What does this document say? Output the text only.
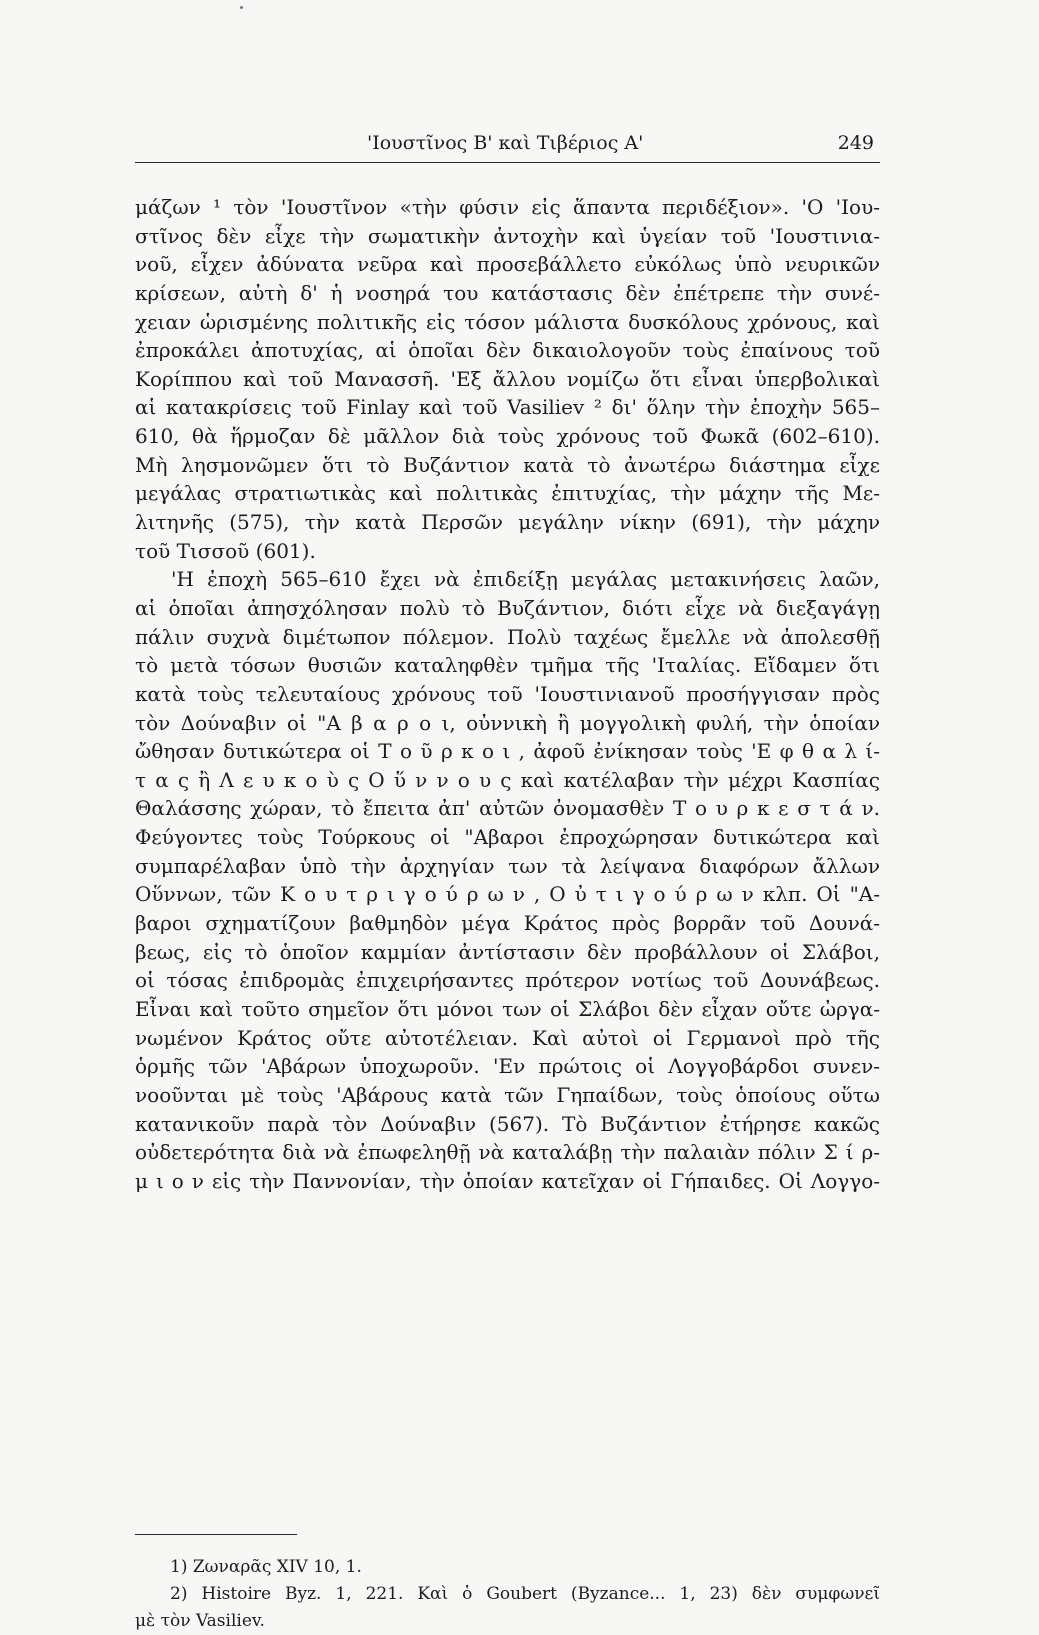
'Ιουστῖνος Β' καὶ Τιβέριος Α'	249
μάζων ¹ τὸν 'Ιουστῖνον «τὴν φύσιν εἰς ἅπαντα περιδέξιον». 'Ο 'Ιου-
στῖνος δὲν εἶχε τὴν σωματικὴν ἀντοχὴν καὶ ὑγείαν τοῦ 'Ιουστινια-
νοῦ, εἶχεν ἀδύνατα νεῦρα καὶ προσεβάλλετο εὐκόλως ὑπὸ νευρικῶν
κρίσεων, αὐτὴ δ' ἡ νοσηρά του κατάστασις δὲν ἐπέτρεπε τὴν συνέ-
χειαν ὡρισμένης πολιτικῆς εἰς τόσον μάλιστα δυσκόλους χρόνους, καὶ
ἐπροκάλει ἀποτυχίας, αἱ ὁποῖαι δὲν δικαιολογοῦν τοὺς ἐπαίνους τοῦ
Κορίππου καὶ τοῦ Μανασσῆ. 'Εξ ἄλλου νομίζω ὅτι εἶναι ὑπερβολικαὶ
αἱ κατακρίσεις τοῦ Finlay καὶ τοῦ Vasiliev ² δι' ὅλην τὴν ἐποχὴν 565–
610, θὰ ἥρμοζαν δὲ μᾶλλον διὰ τοὺς χρόνους τοῦ Φωκᾶ (602–610).
Μὴ λησμονῶμεν ὅτι τὸ Βυζάντιον κατὰ τὸ ἀνωτέρω διάστημα εἶχε
μεγάλας στρατιωτικὰς καὶ πολιτικὰς ἐπιτυχίας, τὴν μάχην τῆς Με-
λιτηνῆς (575), τὴν κατὰ Περσῶν μεγάλην νίκην (691), τὴν μάχην
τοῦ Τισσοῦ (601).
'Η ἐποχὴ 565–610 ἔχει νὰ ἐπιδείξῃ μεγάλας μετακινήσεις λαῶν,
αἱ ὁποῖαι ἀπησχόλησαν πολὺ τὸ Βυζάντιον, διότι εἶχε νὰ διεξαγάγῃ
πάλιν συχνὰ διμέτωπον πόλεμον. Πολὺ ταχέως ἔμελλε νὰ ἀπολεσθῇ
τὸ μετὰ τόσων θυσιῶν καταληφθὲν τμῆμα τῆς 'Ιταλίας. Εἴδαμεν ὅτι
κατὰ τοὺς τελευταίους χρόνους τοῦ 'Ιουστινιανοῦ προσήγγισαν πρὸς
τὸν Δούναβιν οἱ "Α β α ρ ο ι, οὐννικὴ ἢ μογγολικὴ φυλή, τὴν ὁποίαν
ὤθησαν δυτικώτερα οἱ Τ ο ῦ ρ κ ο ι , ἀφοῦ ἐνίκησαν τοὺς 'Ε φ θ α λ ί-
τ α ς ἢ Λ ε υ κ ο ὺ ς Ο ὕ ν ν ο υ ς καὶ κατέλαβαν τὴν μέχρι Κασπίας
Θαλάσσης χώραν, τὸ ἔπειτα ἀπ' αὐτῶν ὀνομασθὲν Τ ο υ ρ κ ε σ τ ά ν.
Φεύγοντες τοὺς Τούρκους οἱ "Αβαροι ἐπροχώρησαν δυτικώτερα καὶ
συμπαρέλαβαν ὑπὸ τὴν ἀρχηγίαν των τὰ λείψανα διαφόρων ἄλλων
Οὕννων, τῶν Κ ο υ τ ρ ι γ ο ύ ρ ω ν , Ο ὐ τ ι γ ο ύ ρ ω ν κλπ. Οἱ "Α-
βαροι σχηματίζουν βαθμηδὸν μέγα Κράτος πρὸς βορρᾶν τοῦ Δουνά-
βεως, εἰς τὸ ὁποῖον καμμίαν ἀντίστασιν δὲν προβάλλουν οἱ Σλάβοι,
οἱ τόσας ἐπιδρομὰς ἐπιχειρήσαντες πρότερον νοτίως τοῦ Δουνάβεως.
Εἶναι καὶ τοῦτο σημεῖον ὅτι μόνοι των οἱ Σλάβοι δὲν εἶχαν οὔτε ὠργα-
νωμένον Κράτος οὔτε αὐτοτέλειαν. Καὶ αὐτοὶ οἱ Γερμανοὶ πρὸ τῆς
ὁρμῆς τῶν 'Αβάρων ὑποχωροῦν. 'Εν πρώτοις οἱ Λογγοβάρδοι συνεν-
νοοῦνται μὲ τοὺς 'Αβάρους κατὰ τῶν Γηπαίδων, τοὺς ὁποίους οὕτω
κατανικοῦν παρὰ τὸν Δούναβιν (567). Τὸ Βυζάντιον ἐτήρησε κακῶς
οὐδετερότητα διὰ νὰ ἐπωφεληθῇ νὰ καταλάβῃ τὴν παλαιὰν πόλιν Σ ί ρ-
μ ι ο ν εἰς τὴν Παννονίαν, τὴν ὁποίαν κατεῖχαν οἱ Γήπαιδες. Οἱ Λογγο-
1) Ζωναρᾶς XIV 10, 1.
2) Histoire Byz. 1, 221. Καὶ ὁ Goubert (Byzance... 1, 23) δὲν συμφωνεῖ
μὲ τὸν Vasiliev.
